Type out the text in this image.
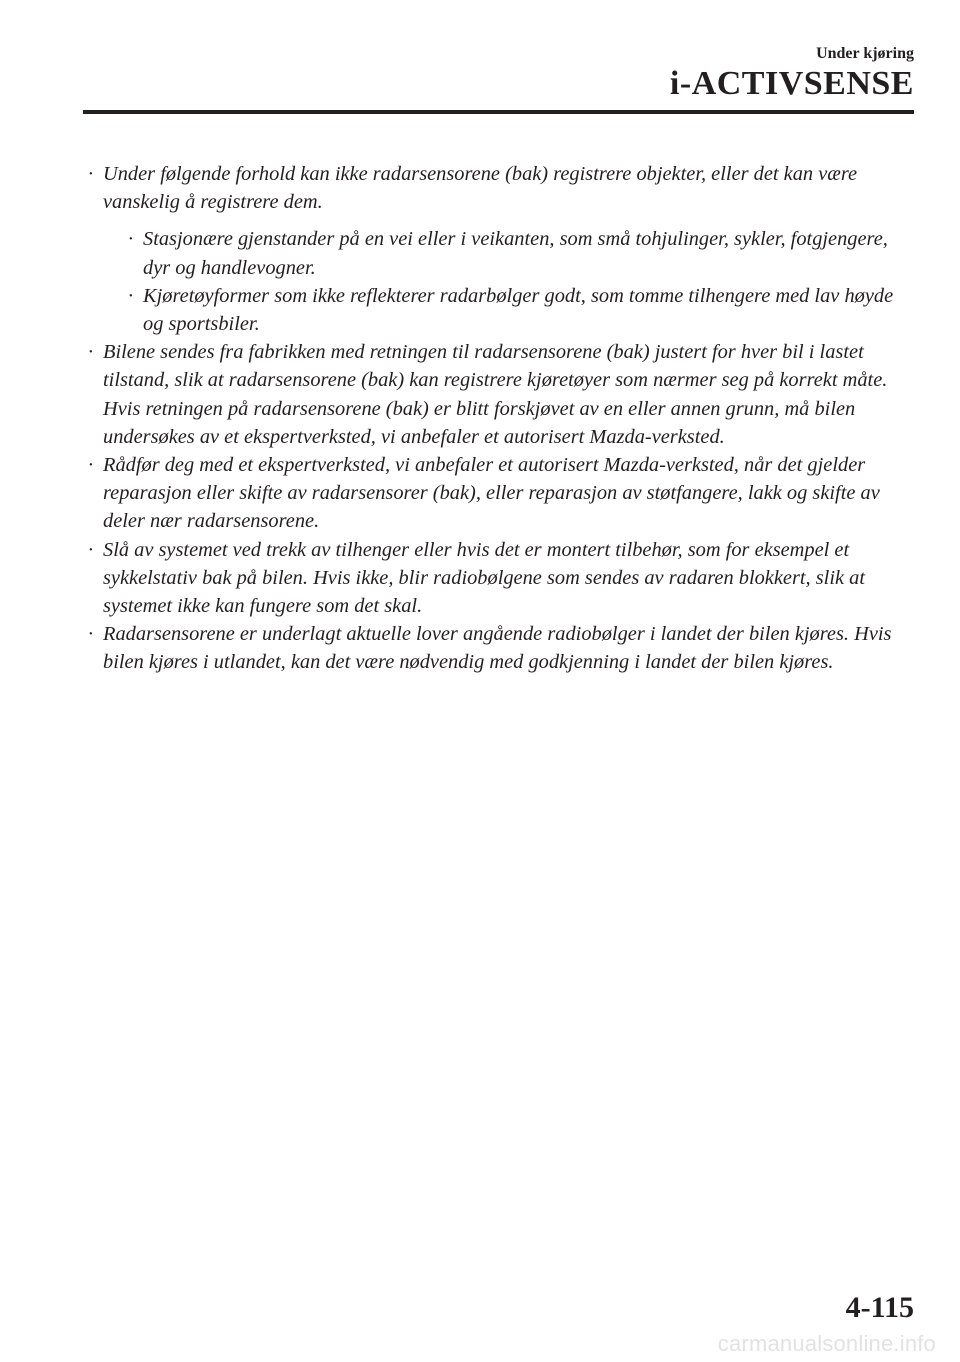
Under kjøring
i-ACTIVSENSE
· Under følgende forhold kan ikke radarsensorene (bak) registrere objekter, eller det kan være vanskelig å registrere dem.
· Stasjonære gjenstander på en vei eller i veikanten, som små tohjulinger, sykler, fotgjengere, dyr og handlevogner.
· Kjøretøyformer som ikke reflekterer radarbølger godt, som tomme tilhengere med lav høyde og sportsbiler.
· Bilene sendes fra fabrikken med retningen til radarsensorene (bak) justert for hver bil i lastet tilstand, slik at radarsensorene (bak) kan registrere kjøretøyer som nærmer seg på korrekt måte. Hvis retningen på radarsensorene (bak) er blitt forskjøvet av en eller annen grunn, må bilen undersøkes av et ekspertverksted, vi anbefaler et autorisert Mazda-verksted.
· Rådfør deg med et ekspertverksted, vi anbefaler et autorisert Mazda-verksted, når det gjelder reparasjon eller skifte av radarsensorer (bak), eller reparasjon av støtfangere, lakk og skifte av deler nær radarsensorene.
· Slå av systemet ved trekk av tilhenger eller hvis det er montert tilbehør, som for eksempel et sykkelstativ bak på bilen. Hvis ikke, blir radiobølgene som sendes av radaren blokkert, slik at systemet ikke kan fungere som det skal.
· Radarsensorene er underlagt aktuelle lover angående radiobølger i landet der bilen kjøres. Hvis bilen kjøres i utlandet, kan det være nødvendig med godkjenning i landet der bilen kjøres.
4-115
carmanualsonline.info
